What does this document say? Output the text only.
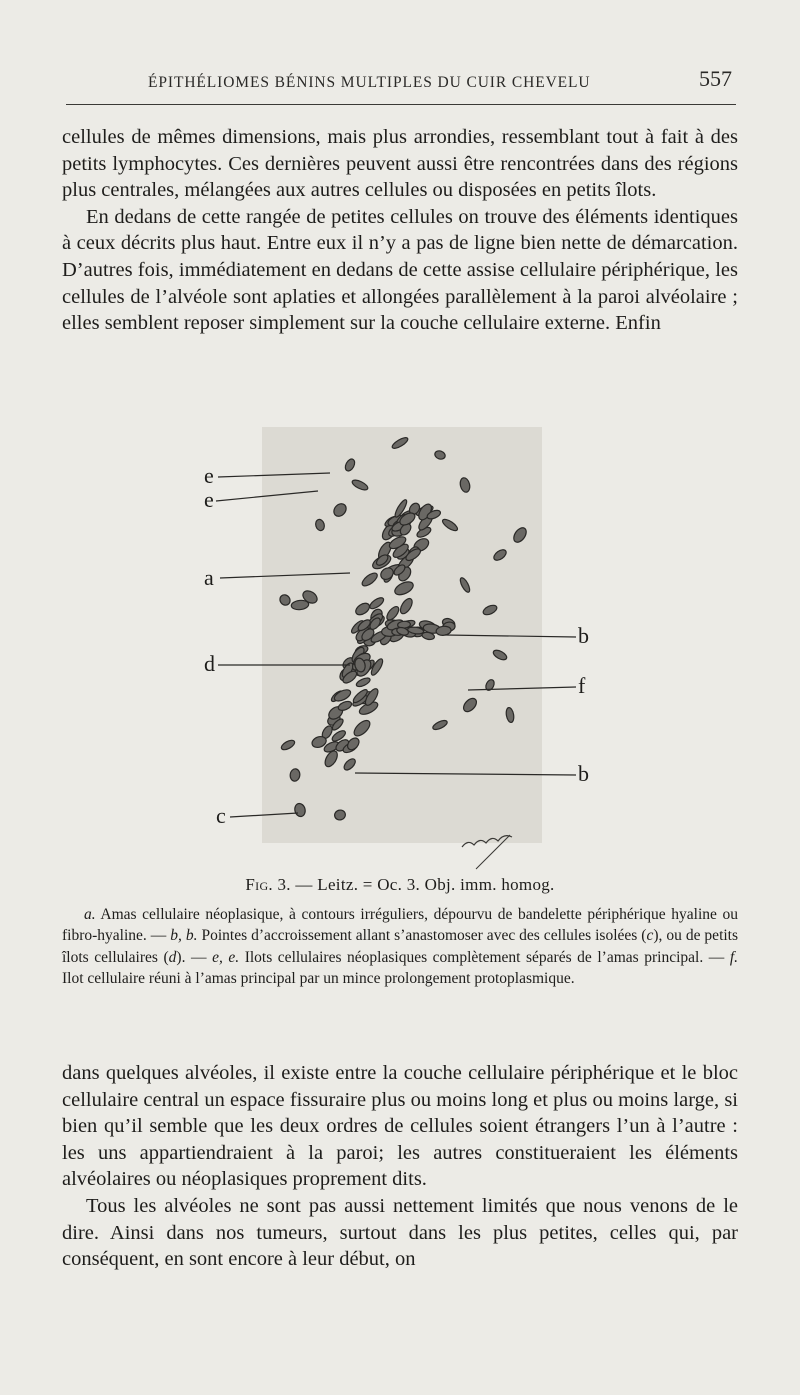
ÉPITHÉLIOMES BÉNINS MULTIPLES DU CUIR CHEVELU	557

cellules de mêmes dimensions, mais plus arrondies, ressemblant tout à fait à des petits lymphocytes. Ces dernières peuvent aussi être rencontrées dans des régions plus centrales, mélangées aux autres cellules ou disposées en petits îlots.

En dedans de cette rangée de petites cellules on trouve des éléments identiques à ceux décrits plus haut. Entre eux il n’y a pas de ligne bien nette de démarcation. D’autres fois, immédiatement en dedans de cette assise cellulaire périphérique, les cellules de l’alvéole sont aplaties et allongées parallèlement à la paroi alvéolaire ; elles semblent reposer simplement sur la couche cellulaire externe. Enfin

e
e
a
d
c
b
f
b
Fig. 3. — Leitz. = Oc. 3. Obj. imm. homog.

a. Amas cellulaire néoplasique, à contours irréguliers, dépourvu de bandelette périphérique hyaline ou fibro-hyaline. — b, b. Pointes d’accroissement allant s’anastomoser avec des cellules isolées (c), ou de petits îlots cellulaires (d). — e, e. Ilots cellulaires néoplasiques complètement séparés de l’amas principal. — f. Ilot cellulaire réuni à l’amas principal par un mince prolongement protoplasmique.

dans quelques alvéoles, il existe entre la couche cellulaire périphérique et le bloc cellulaire central un espace fissuraire plus ou moins long et plus ou moins large, si bien qu’il semble que les deux ordres de cellules soient étrangers l’un à l’autre : les uns appartiendraient à la paroi; les autres constitueraient les éléments alvéolaires ou néoplasiques proprement dits.

Tous les alvéoles ne sont pas aussi nettement limités que nous venons de le dire. Ainsi dans nos tumeurs, surtout dans les plus petites, celles qui, par conséquent, en sont encore à leur début, on
